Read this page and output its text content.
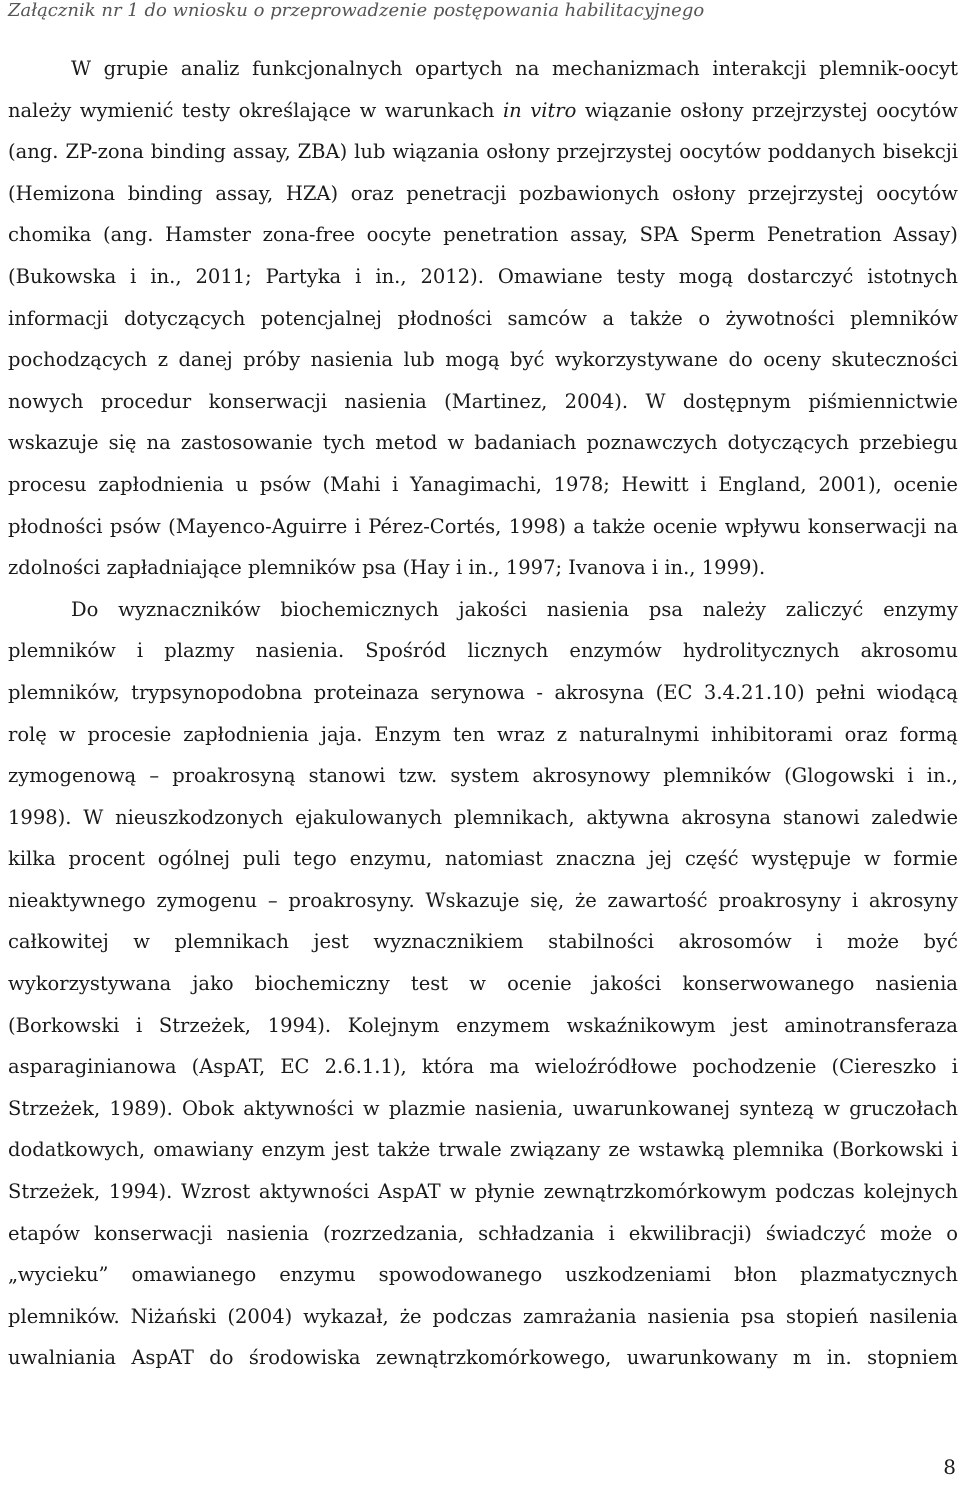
Załącznik nr 1 do wniosku o przeprowadzenie postępowania habilitacyjnego
W grupie analiz funkcjonalnych opartych na mechanizmach interakcji plemnik-oocyt
należy wymienić testy określające w warunkach in vitro wiązanie osłony przejrzystej oocytów
(ang. ZP-zona binding assay, ZBA) lub wiązania osłony przejrzystej oocytów poddanych bisekcji
(Hemizona binding assay, HZA) oraz penetracji pozbawionych osłony przejrzystej oocytów
chomika (ang. Hamster zona-free oocyte penetration assay, SPA Sperm Penetration Assay)
(Bukowska i in., 2011; Partyka i in., 2012). Omawiane testy mogą dostarczyć istotnych
informacji dotyczących potencjalnej płodności samców a także o żywotności plemników
pochodzących z danej próby nasienia lub mogą być wykorzystywane do oceny skuteczności
nowych procedur konserwacji nasienia (Martinez, 2004). W dostępnym piśmiennictwie
wskazuje się na zastosowanie tych metod w badaniach poznawczych dotyczących przebiegu
procesu zapłodnienia u psów (Mahi i Yanagimachi, 1978; Hewitt i England, 2001), ocenie
płodności psów (Mayenco-Aguirre i Pérez-Cortés, 1998) a także ocenie wpływu konserwacji na
zdolności zapładniające plemników psa (Hay i in., 1997; Ivanova i in., 1999).
Do wyznaczników biochemicznych jakości nasienia psa należy zaliczyć enzymy
plemników i plazmy nasienia. Spośród licznych enzymów hydrolitycznych akrosomu
plemników, trypsynopodobna proteinaza serynowa - akrosyna (EC 3.4.21.10) pełni wiodącą
rolę w procesie zapłodnienia jaja. Enzym ten wraz z naturalnymi inhibitorami oraz formą
zymogenową – proakrosyną stanowi tzw. system akrosynowy plemników (Glogowski i in.,
1998). W nieuszkodzonych ejakulowanych plemnikach, aktywna akrosyna stanowi zaledwie
kilka procent ogólnej puli tego enzymu, natomiast znaczna jej część występuje w formie
nieaktywnego zymogenu – proakrosyny. Wskazuje się, że zawartość proakrosyny i akrosyny
całkowitej w plemnikach jest wyznacznikiem stabilności akrosomów i może być
wykorzystywana jako biochemiczny test w ocenie jakości konserwowanego nasienia
(Borkowski i Strzeżek, 1994). Kolejnym enzymem wskaźnikowym jest aminotransferaza
asparaginianowa (AspAT, EC 2.6.1.1), która ma wieloźródłowe pochodzenie (Ciereszko i
Strzeżek, 1989). Obok aktywności w plazmie nasienia, uwarunkowanej syntezą w gruczołach
dodatkowych, omawiany enzym jest także trwale związany ze wstawką plemnika (Borkowski i
Strzeżek, 1994). Wzrost aktywności AspAT w płynie zewnątrzkomórkowym podczas kolejnych
etapów konserwacji nasienia (rozrzedzania, schładzania i ekwilibracji) świadczyć może o
„wycieku” omawianego enzymu spowodowanego uszkodzeniami błon plazmatycznych
plemników. Niżański (2004) wykazał, że podczas zamrażania nasienia psa stopień nasilenia
uwalniania AspAT do środowiska zewnątrzkomórkowego, uwarunkowany m in. stopniem
8
